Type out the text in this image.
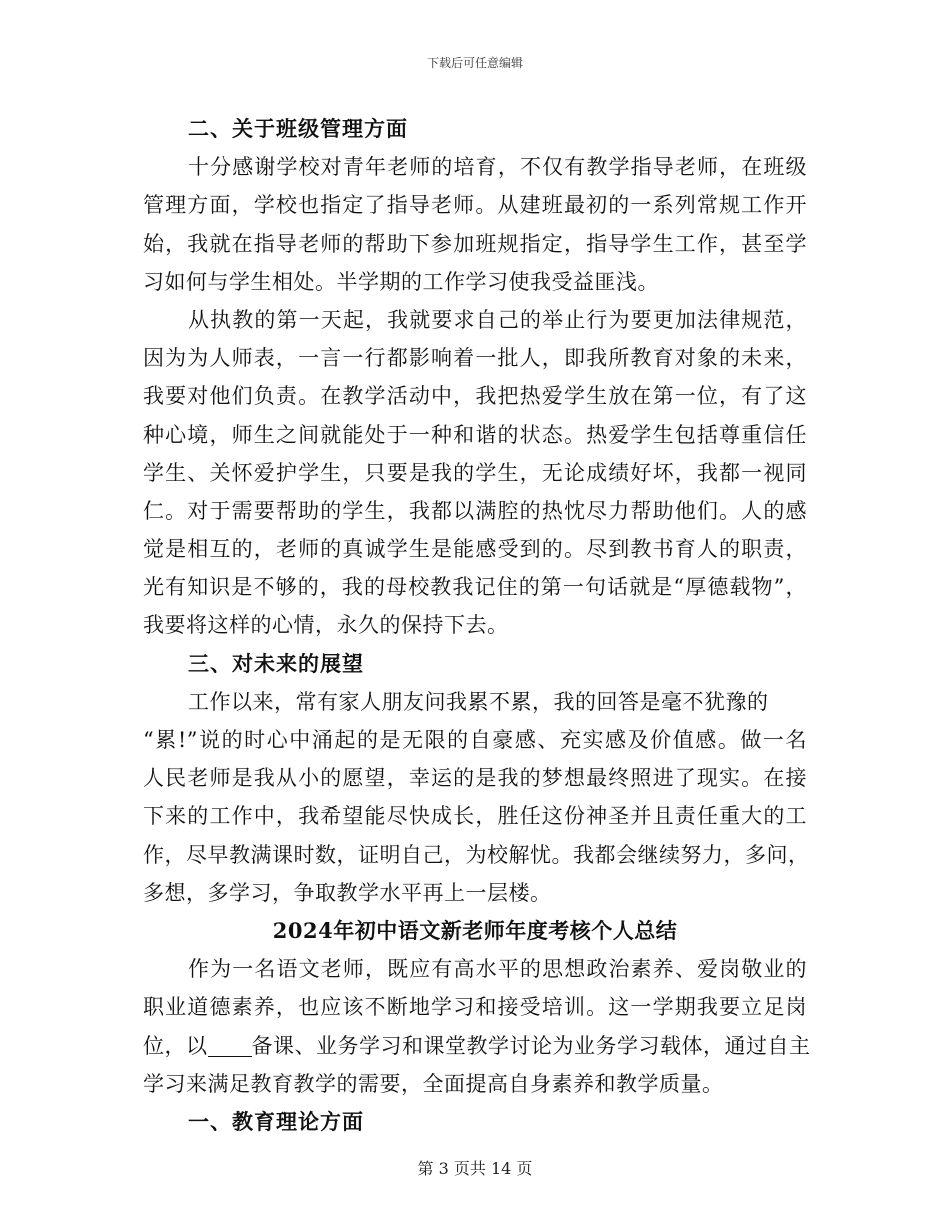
下载后可任意编辑
二、关于班级管理方面
十分感谢学校对青年老师的培育，不仅有教学指导老师，在班级
管理方面，学校也指定了指导老师。从建班最初的一系列常规工作开
始，我就在指导老师的帮助下参加班规指定，指导学生工作，甚至学
习如何与学生相处。半学期的工作学习使我受益匪浅。
从执教的第一天起，我就要求自己的举止行为要更加法律规范，
因为为人师表，一言一行都影响着一批人，即我所教育对象的未来，
我要对他们负责。在教学活动中，我把热爱学生放在第一位，有了这
种心境，师生之间就能处于一种和谐的状态。热爱学生包括尊重信任
学生、关怀爱护学生，只要是我的学生，无论成绩好坏，我都一视同
仁。对于需要帮助的学生，我都以满腔的热忱尽力帮助他们。人的感
觉是相互的，老师的真诚学生是能感受到的。尽到教书育人的职责，
光有知识是不够的，我的母校教我记住的第一句话就是“厚德载物”，
我要将这样的心情，永久的保持下去。
三、对未来的展望
工作以来，常有家人朋友问我累不累，我的回答是毫不犹豫的
“累!”说的时心中涌起的是无限的自豪感、充实感及价值感。做一名
人民老师是我从小的愿望，幸运的是我的梦想最终照进了现实。在接
下来的工作中，我希望能尽快成长，胜任这份神圣并且责任重大的工
作，尽早教满课时数，证明自己，为校解忧。我都会继续努力，多问，
多想，多学习，争取教学水平再上一层楼。
2024年初中语文新老师年度考核个人总结
作为一名语文老师，既应有高水平的思想政治素养、爱岗敬业的
职业道德素养，也应该不断地学习和接受培训。这一学期我要立足岗
位，以 备课、业务学习和课堂教学讨论为业务学习载体，通过自主
学习来满足教育教学的需要，全面提高自身素养和教学质量。
一、教育理论方面
第 3 页共 14 页
